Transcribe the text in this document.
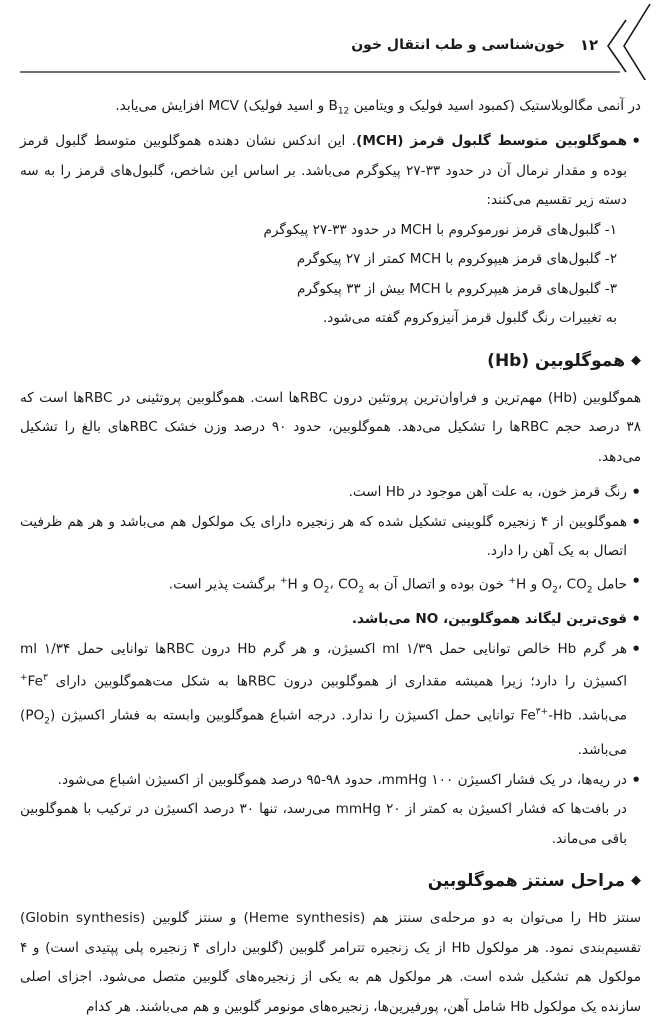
۱۲
خون‌شناسی و طب انتقال خون

در آنمی مگالوبلاستیک (کمبود اسید فولیک و ویتامین $B_{12}$ و اسید فولیک) MCV افزایش می‌یابد.

• هموگلوبین متوسط گلبول قرمز (MCH). این اندکس نشان دهنده هموگلوبین متوسط گلبول قرمز بوده و مقدار نرمال آن در حدود ۳۳-۲۷ پیکوگرم می‌باشد. بر اساس این شاخص، گلبول‌های قرمز را به سه دسته زیر تقسیم می‌کنند:

۱- گلبول‌های قرمز نورموکروم با MCH در حدود ۳۳-۲۷ پیکوگرم

۲- گلبول‌های قرمز هیپوکروم با MCH کمتر از ۲۷ پیکوگرم

۳- گلبول‌های قرمز هیپرکروم با MCH بیش از ۳۳ پیکوگرم

به تغییرات رنگ گلبول قرمز آنیزوکروم گفته می‌شود.

◆
هموگلوبین (Hb)

هموگلوبین (Hb) مهم‌ترین و فراوان‌ترین پروتئین درون RBCها است. هموگلوبین پروتئینی در RBCها است که ۳۸ درصد حجم RBCها را تشکیل می‌دهد. هموگلوبین، حدود ۹۰ درصد وزن خشک RBCهای بالغ را تشکیل می‌دهد.

• رنگ قرمز خون، به علت آهن موجود در Hb است.
• هموگلوبین از ۴ زنجیره گلوبینی تشکیل شده که هر زنجیره دارای یک مولکول هم می‌باشد و هر هم ظرفیت اتصال به یک آهن را دارد.
• حامل $O_2،$ $CO_2$ و H+ خون بوده و اتصال آن به $O_2،$ $CO_2$ و H+ برگشت پذیر است.
• قوی‌ترین لیگاند هموگلوبین، NO می‌باشد.
• هر گرم Hb خالص توانایی حمل ۱/۳۹ ml اکسیژن، و هر گرم Hb درون RBCها توانایی حمل ۱/۳۴ ml اکسیژن را دارد؛ زیرا همیشه مقداری از هموگلوبین درون RBCها به شکل مت‌هموگلوبین دارای $Fe^{۳+}$ می‌باشد. $Fe^{۳+}-Hb$ توانایی حمل اکسیژن را ندارد. درجه اشباع هموگلوبین وابسته به فشار اکسیژن $(PO_2)$ می‌باشد.
• در ریه‌ها، در یک فشار اکسیژن ۱۰۰ mmHg، حدود ۹۸-۹۵ درصد هموگلوبین از اکسیژن اشباع می‌شود.

در بافت‌ها که فشار اکسیژن به کمتر از ۲۰ mmHg می‌رسد، تنها ۳۰ درصد اکسیژن در ترکیب با هموگلوبین باقی می‌ماند.

◆
مراحل سنتز هموگلوبین

سنتز Hb را می‌توان به دو مرحله‌ی سنتز هم (Heme synthesis) و سنتز گلوبین (Globin synthesis) تقسیم‌بندی نمود. هر مولکول Hb از یک زنجیره تترامر گلوبین (گلوبین دارای ۴ زنجیره پلی پپتیدی است) و ۴ مولکول هم تشکیل شده است. هر مولکول هم به یکی از زنجیره‌های گلوبین متصل می‌شود. اجزای اصلی سازنده یک مولکول Hb شامل آهن، پورفیرین‌ها، زنجیره‌های مونومر گلوبین و هم می‌باشند. هر کدام
